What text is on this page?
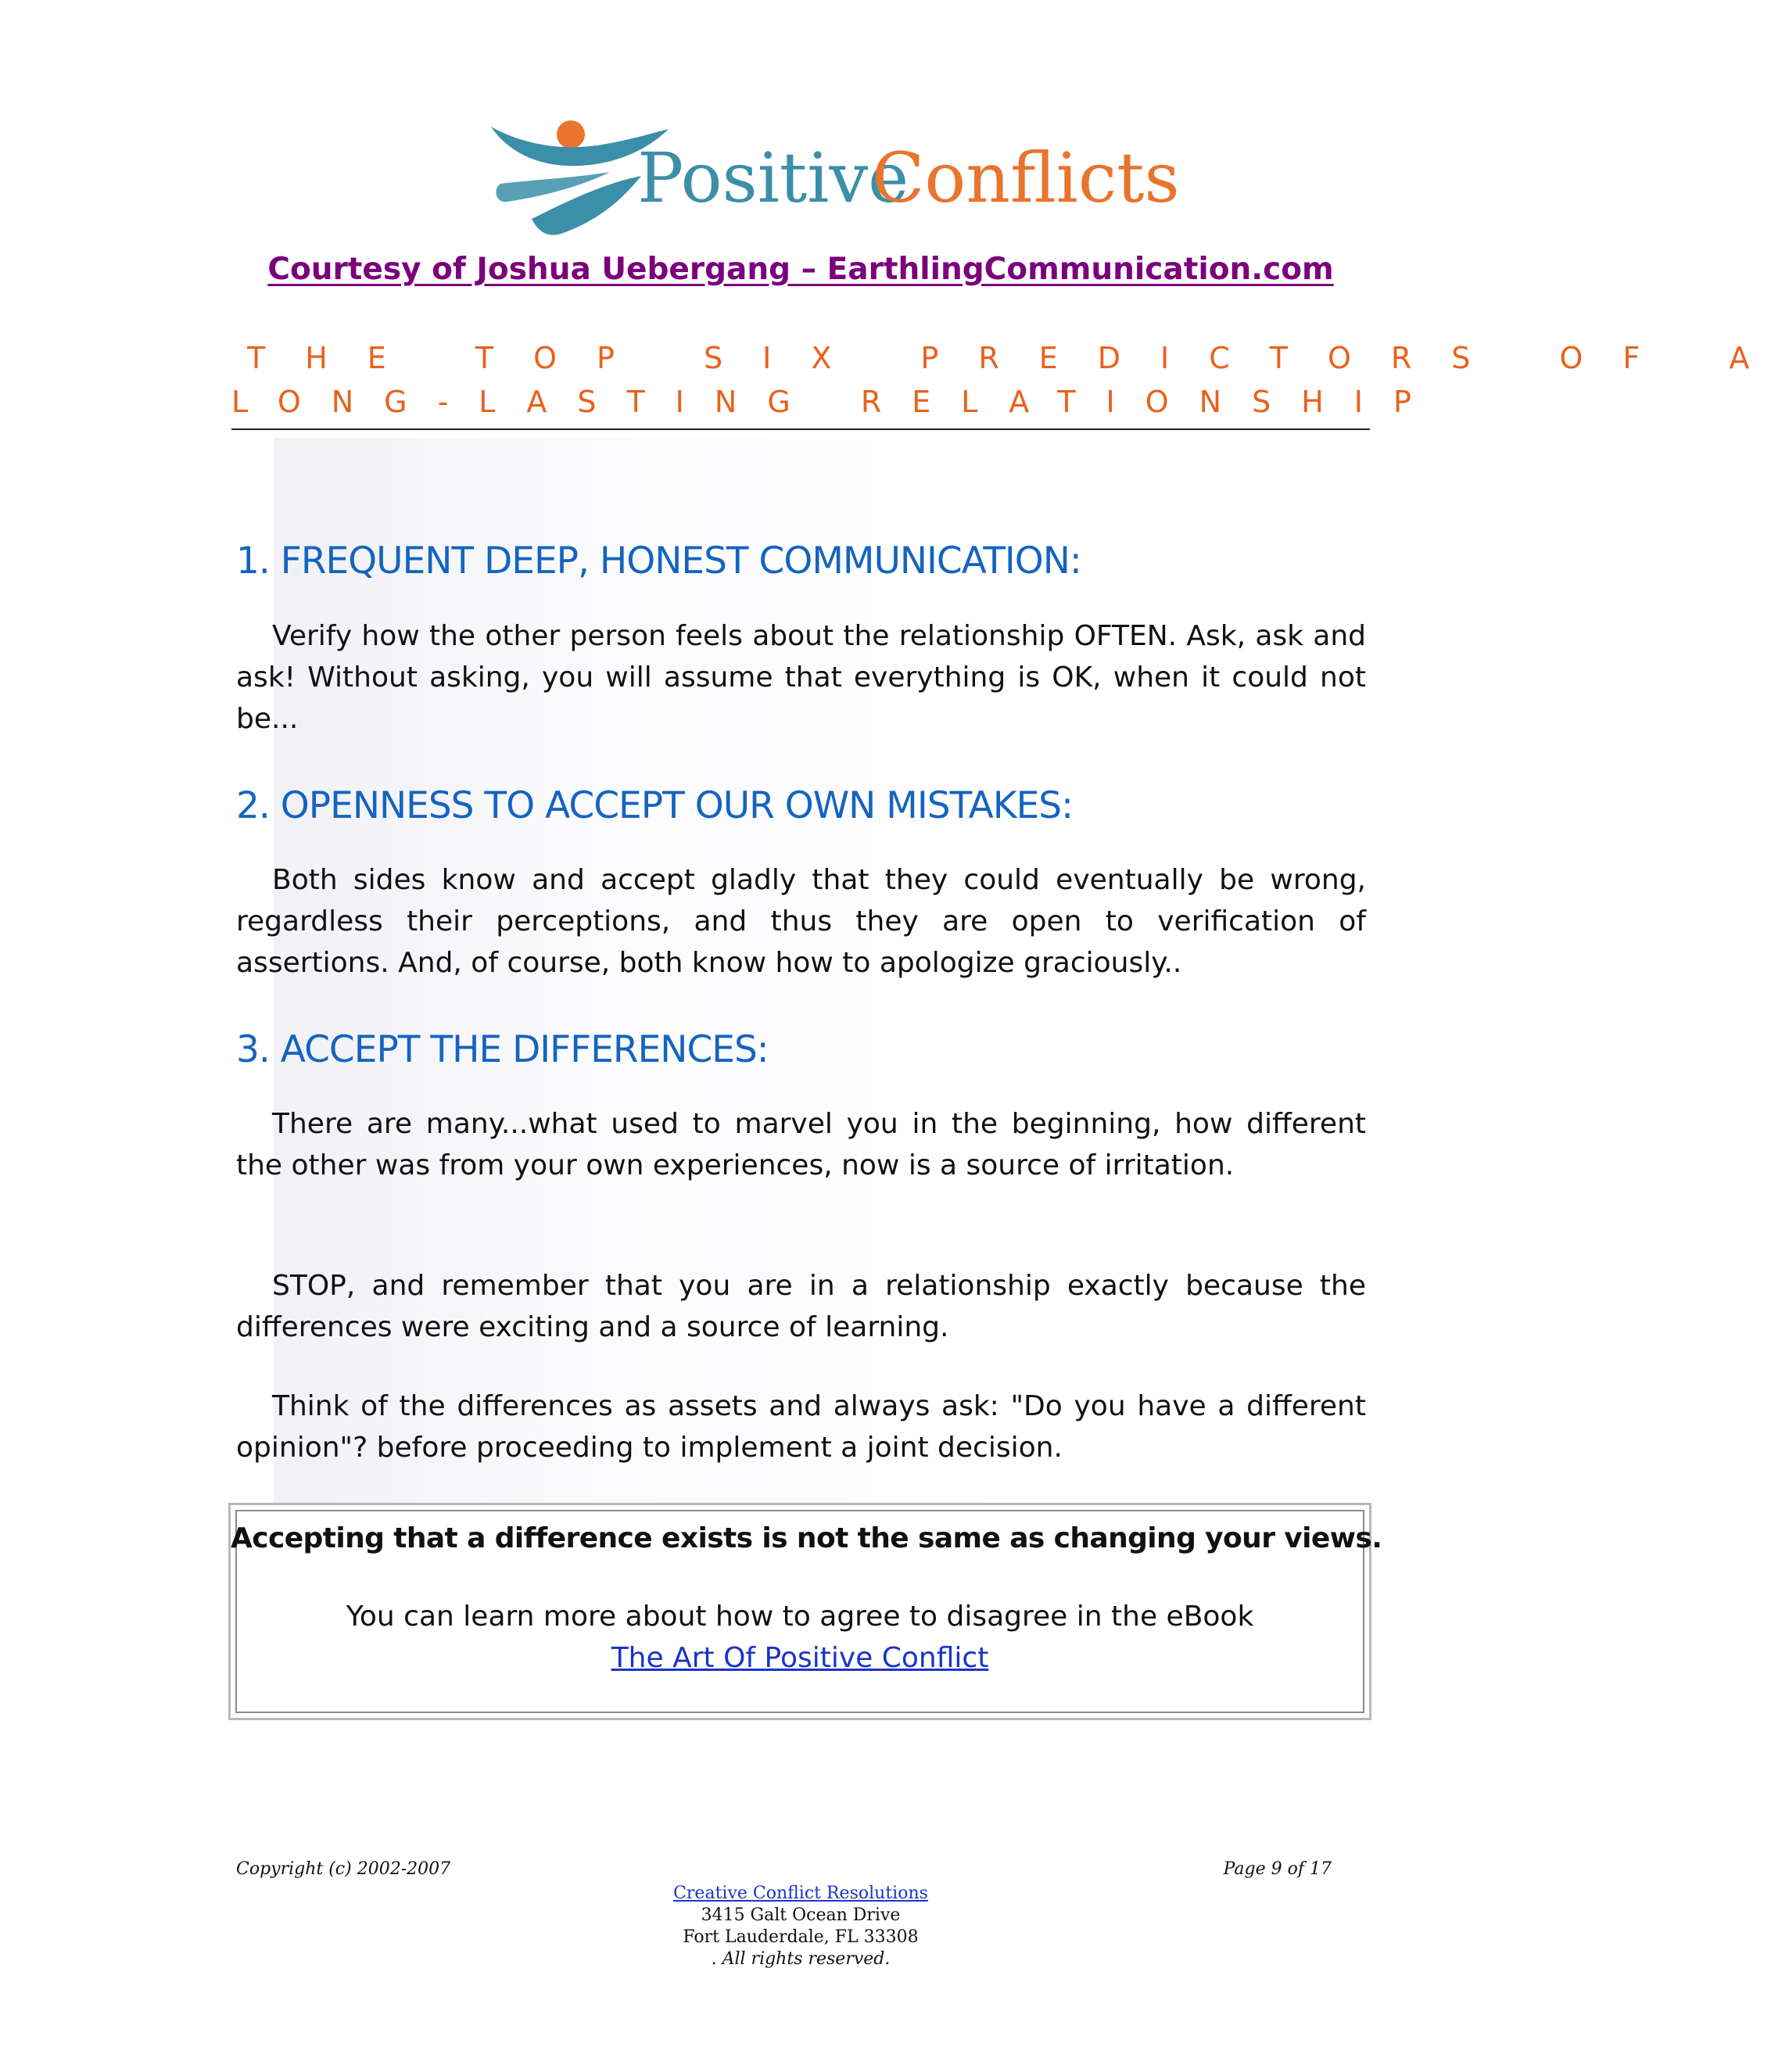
Positive
Conflicts
Courtesy of Joshua Uebergang – EarthlingCommunication.com
THE TOP SIX PREDICTORS OF A
LONG-LASTING RELATIONSHIP
1. FREQUENT DEEP, HONEST COMMUNICATION:

Verify how the other person feels about the relationship OFTEN. Ask, ask and ask! Without asking, you will assume that everything is OK, when it could not be...

2. OPENNESS TO ACCEPT OUR OWN MISTAKES:

Both sides know and accept gladly that they could eventually be wrong, regardless their perceptions, and thus they are open to verification of assertions. And, of course, both know how to apologize graciously..

3. ACCEPT THE DIFFERENCES:

There are many...what used to marvel you in the beginning, how different the other was from your own experiences, now is a source of irritation.

STOP, and remember that you are in a relationship exactly because the differences were exciting and a source of learning.

Think of the differences as assets and always ask: "Do you have a different opinion"? before proceeding to implement a joint decision.

Accepting that a difference exists is not the same as changing your views.
You can learn more about how to agree to disagree in the eBook
The Art Of Positive Conflict
Copyright (c) 2002-2007	Page 9 of 17
Creative Conflict Resolutions
3415 Galt Ocean Drive
Fort Lauderdale, FL 33308
. All rights reserved.
